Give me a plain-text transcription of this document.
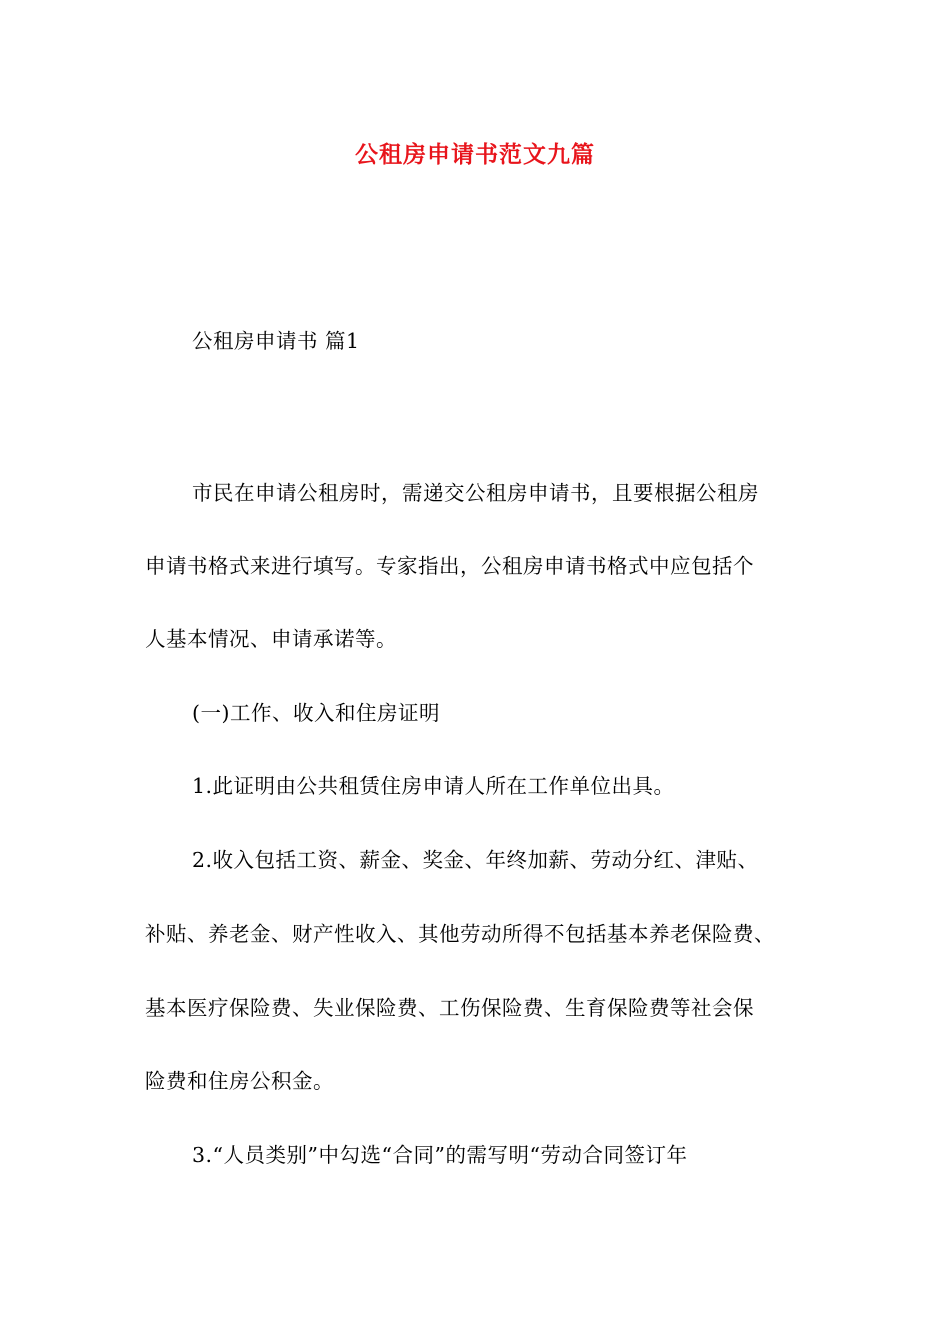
公租房申请书范文九篇
公租房申请书 篇1
市民在申请公租房时，需递交公租房申请书，且要根据公租房
申请书格式来进行填写。专家指出，公租房申请书格式中应包括个
人基本情况、申请承诺等。
(一)工作、收入和住房证明
1.此证明由公共租赁住房申请人所在工作单位出具。
2.收入包括工资、薪金、奖金、年终加薪、劳动分红、津贴、
补贴、养老金、财产性收入、其他劳动所得不包括基本养老保险费、
基本医疗保险费、失业保险费、工伤保险费、生育保险费等社会保
险费和住房公积金。
3.“人员类别”中勾选“合同”的需写明“劳动合同签订年
